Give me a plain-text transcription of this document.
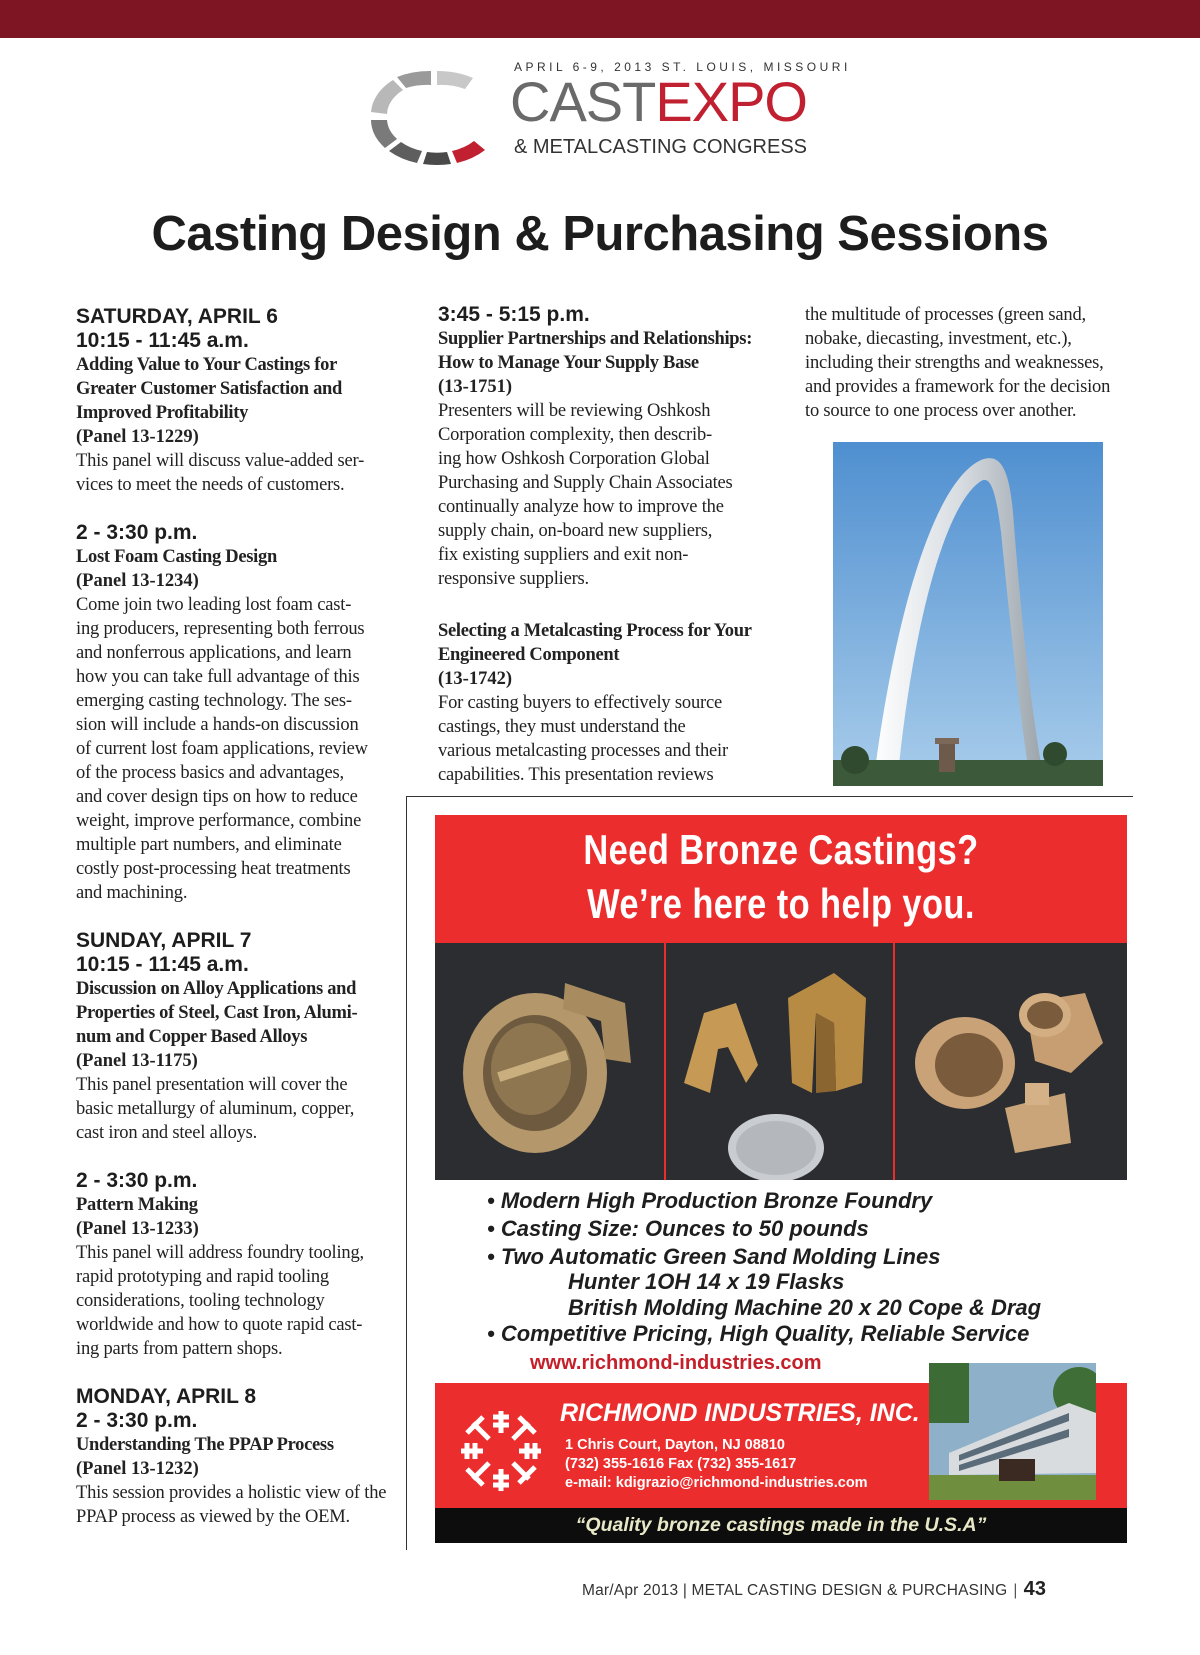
APRIL 6-9, 2013 ST. LOUIS, MISSOURI
CASTEXPO
& METALCASTING CONGRESS
Casting Design & Purchasing Sessions
SATURDAY, APRIL 6
10:15 - 11:45 a.m.
Adding Value to Your Castings for
Greater Customer Satisfaction and
Improved Profitability
(Panel 13-1229)
This panel will discuss value-added ser-
vices to meet the needs of customers.
2 - 3:30 p.m.
Lost Foam Casting Design
(Panel 13-1234)
Come join two leading lost foam cast-
ing producers, representing both ferrous
and nonferrous applications, and learn
how you can take full advantage of this
emerging casting technology. The ses-
sion will include a hands-on discussion
of current lost foam applications, review
of the process basics and advantages,
and cover design tips on how to reduce
weight, improve performance, combine
multiple part numbers, and eliminate
costly post-processing heat treatments
and machining.
SUNDAY, APRIL 7
10:15 - 11:45 a.m.
Discussion on Alloy Applications and
Properties of Steel, Cast Iron, Alumi-
num and Copper Based Alloys
(Panel 13-1175)
This panel presentation will cover the
basic metallurgy of aluminum, copper,
cast iron and steel alloys.
2 - 3:30 p.m.
Pattern Making
(Panel 13-1233)
This panel will address foundry tooling,
rapid prototyping and rapid tooling
considerations, tooling technology
worldwide and how to quote rapid cast-
ing parts from pattern shops.
MONDAY, APRIL 8
2 - 3:30 p.m.
Understanding The PPAP Process
(Panel 13-1232)
This session provides a holistic view of the
PPAP process as viewed by the OEM.
3:45 - 5:15 p.m.
Supplier Partnerships and Relationships:
How to Manage Your Supply Base
(13-1751)
Presenters will be reviewing Oshkosh
Corporation complexity, then describ-
ing how Oshkosh Corporation Global
Purchasing and Supply Chain Associates
continually analyze how to improve the
supply chain, on-board new suppliers,
fix existing suppliers and exit non-
responsive suppliers.
Selecting a Metalcasting Process for Your
Engineered Component
(13-1742)
For casting buyers to effectively source
castings, they must understand the
various metalcasting processes and their
capabilities. This presentation reviews
the multitude of processes (green sand,
nobake, diecasting, investment, etc.),
including their strengths and weaknesses,
and provides a framework for the decision
to source to one process over another.
Need Bronze Castings?
We’re here to help you.
• Modern High Production Bronze Foundry
• Casting Size: Ounces to 50 pounds
• Two Automatic Green Sand Molding Lines
Hunter 1OH 14 x 19 Flasks
British Molding Machine 20 x 20 Cope & Drag
• Competitive Pricing, High Quality, Reliable Service
www.richmond-industries.com
RICHMOND INDUSTRIES, INC.
1 Chris Court, Dayton, NJ 08810
(732) 355-1616 Fax (732) 355-1617
e-mail: kdigrazio@richmond-industries.com
“Quality bronze castings made in the U.S.A”
Mar/Apr 2013 | METAL CASTING DESIGN & PURCHASING | 43
